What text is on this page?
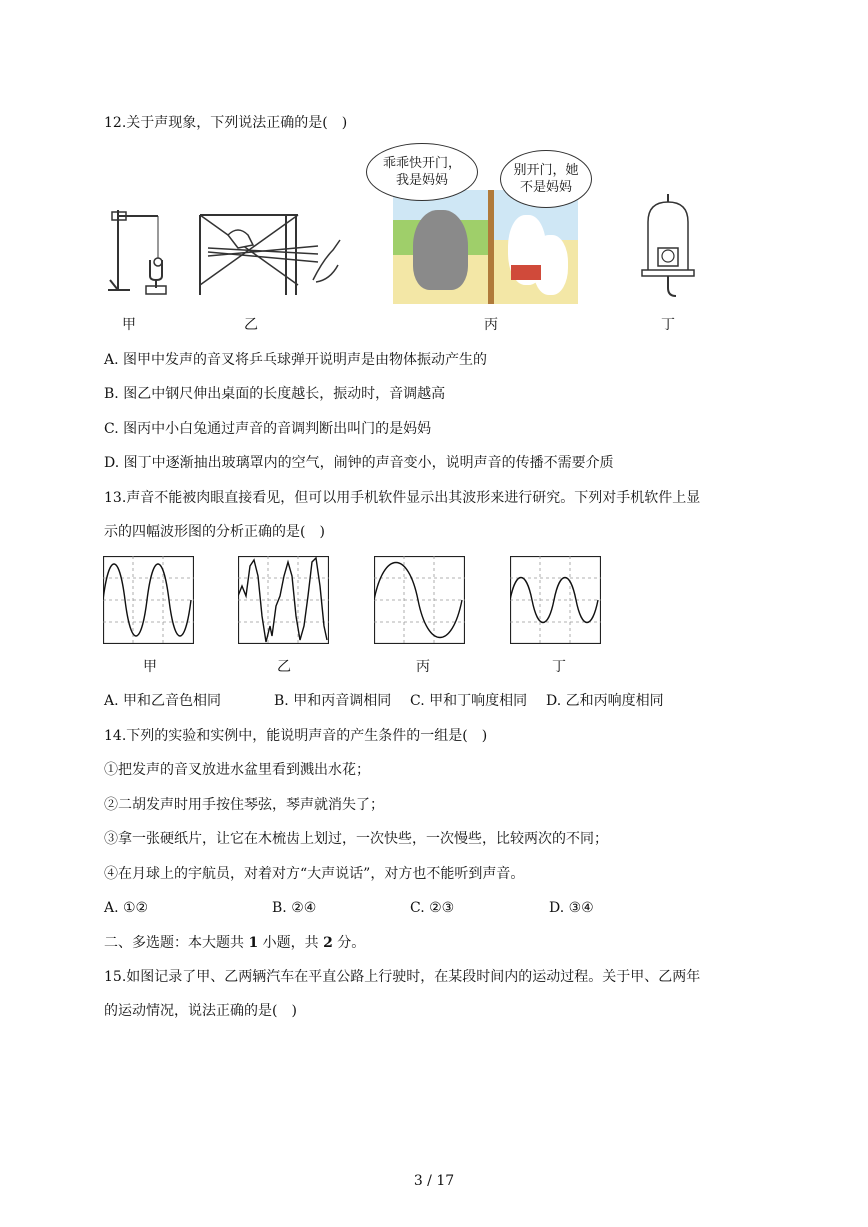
12.关于声现象，下列说法正确的是(　)
乖乖快开门，
我是妈妈
别开门，她
不是妈妈
甲	乙	丙	丁
A. 图甲中发声的音叉将乒乓球弹开说明声是由物体振动产生的
B. 图乙中钢尺伸出桌面的长度越长，振动时，音调越高
C. 图丙中小白兔通过声音的音调判断出叫门的是妈妈
D. 图丁中逐渐抽出玻璃罩内的空气，闹钟的声音变小，说明声音的传播不需要介质
13.声音不能被肉眼直接看见，但可以用手机软件显示出其波形来进行研究。下列对手机软件上显
示的四幅波形图的分析正确的是(　)
甲	乙	丙	丁
A. 甲和乙音色相同	B. 甲和丙音调相同 C. 甲和丁响度相同 D. 乙和丙响度相同
14.下列的实验和实例中，能说明声音的产生条件的一组是(　)
①把发声的音叉放进水盆里看到溅出水花；
②二胡发声时用手按住琴弦，琴声就消失了；
③拿一张硬纸片，让它在木梳齿上划过，一次快些，一次慢些，比较两次的不同；
④在月球上的宇航员，对着对方“大声说话”，对方也不能听到声音。
A. ①②	B. ②④	C. ②③	D. ③④
二、多选题：本大题共 1 小题，共 2 分。
15.如图记录了甲、乙两辆汽车在平直公路上行驶时，在某段时间内的运动过程。关于甲、乙两年
的运动情况，说法正确的是(　)
3 / 17
